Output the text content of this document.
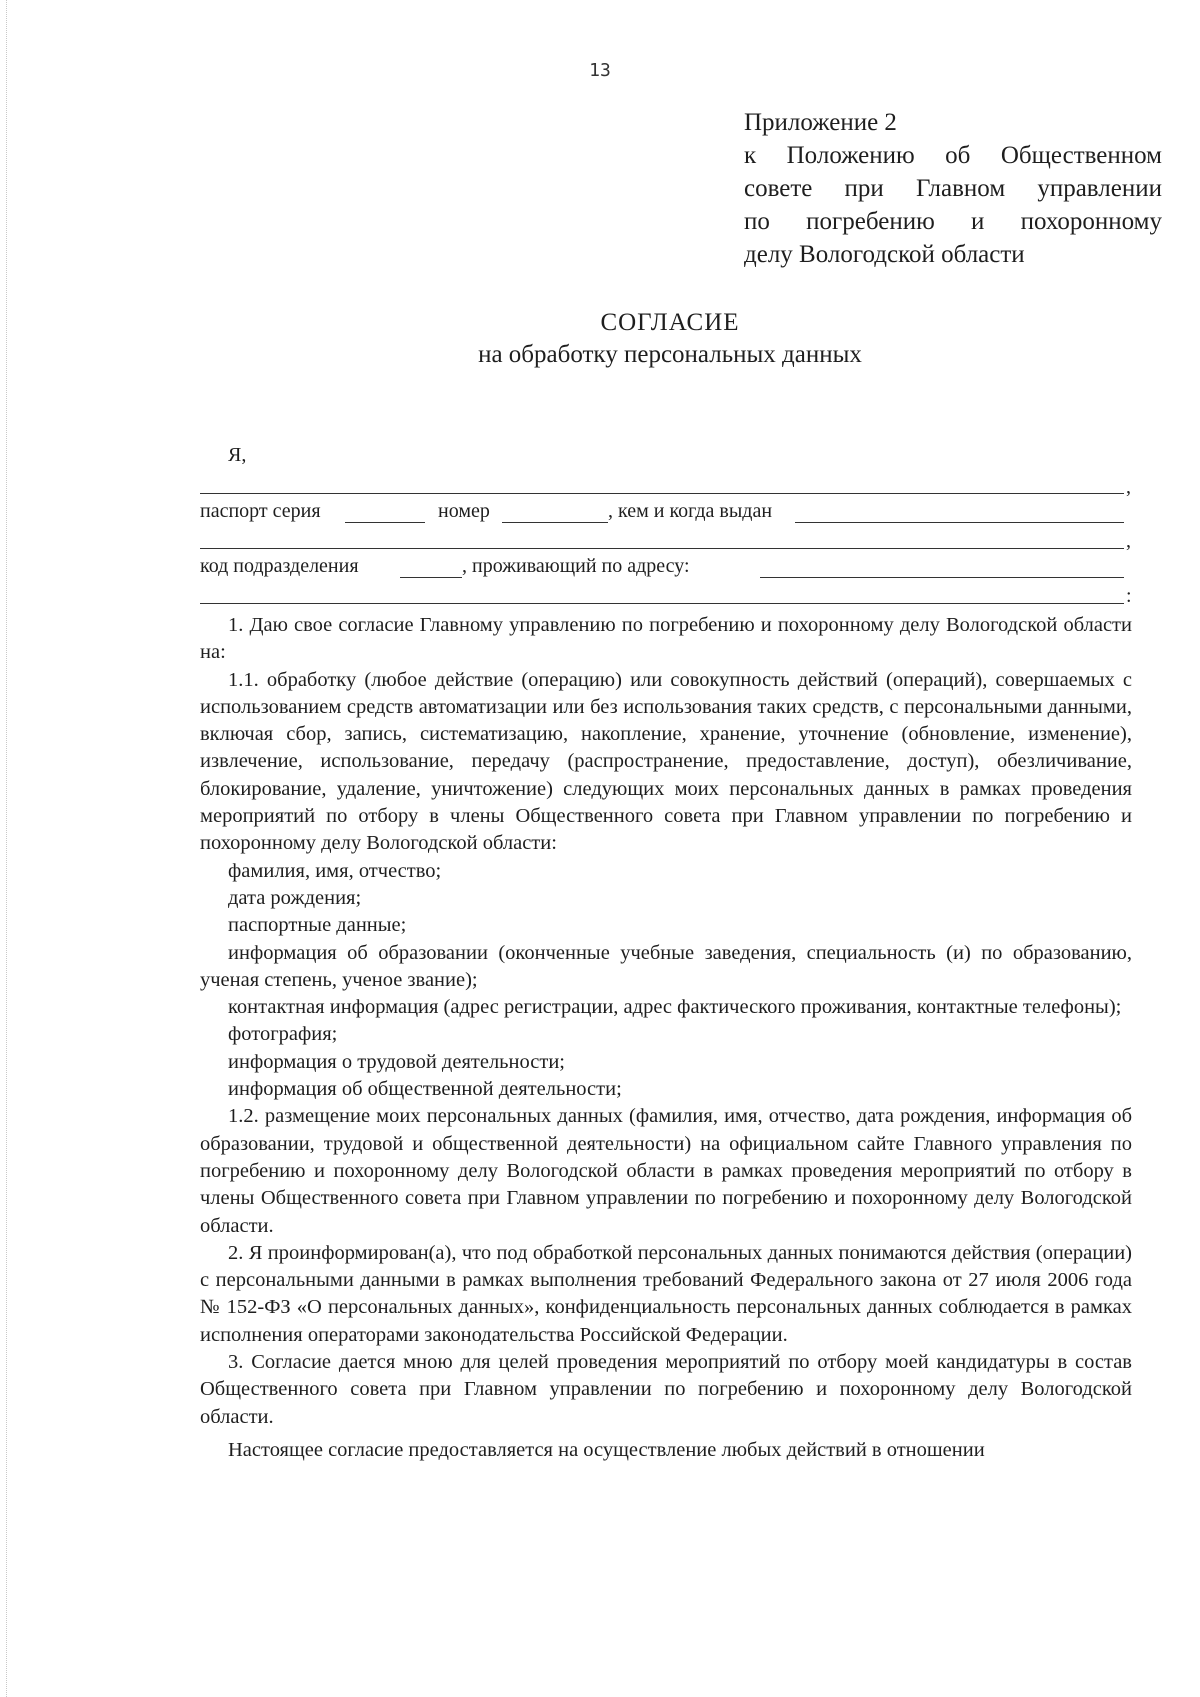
13
Приложение 2
к Положению об Общественном
совете при Главном управлении
по погребению и похоронному
делу Вологодской области
СОГЛАСИЕ
на обработку персональных данных
Я,
,
паспорт серия	номер	, кем и когда выдан
,
код подразделения	, проживающий по адресу:
:

1. Даю свое согласие Главному управлению по погребению и похоронному делу Вологодской области на:

1.1. обработку (любое действие (операцию) или совокупность действий (операций), совершаемых с использованием средств автоматизации или без использования таких средств, с персональными данными, включая сбор, запись, систематизацию, накопление, хранение, уточнение (обновление, изменение), извлечение, использование, передачу (распространение, предоставление, доступ), обезличивание, блокирование, удаление, уничтожение) следующих моих персональных данных в рамках проведения мероприятий по отбору в члены Общественного совета при Главном управлении по погребению и похоронному делу Вологодской области:

фамилия, имя, отчество;

дата рождения;

паспортные данные;

информация об образовании (оконченные учебные заведения, специальность (и) по образованию, ученая степень, ученое звание);

контактная информация (адрес регистрации, адрес фактического проживания, контактные телефоны);

фотография;

информация о трудовой деятельности;

информация об общественной деятельности;

1.2. размещение моих персональных данных (фамилия, имя, отчество, дата рождения, информация об образовании, трудовой и общественной деятельности) на официальном сайте Главного управления по погребению и похоронному делу Вологодской области в рамках проведения мероприятий по отбору в члены Общественного совета при Главном управлении по погребению и похоронному делу Вологодской области.

2. Я проинформирован(а), что под обработкой персональных данных понимаются действия (операции) с персональными данными в рамках выполнения требований Федерального закона от 27 июля 2006 года № 152-ФЗ «О персональных данных», конфиденциальность персональных данных соблюдается в рамках исполнения операторами законодательства Российской Федерации.

3. Согласие дается мною для целей проведения мероприятий по отбору моей кандидатуры в состав Общественного совета при Главном управлении по погребению и похоронному делу Вологодской области.

Настоящее согласие предоставляется на осуществление любых действий в отношении
